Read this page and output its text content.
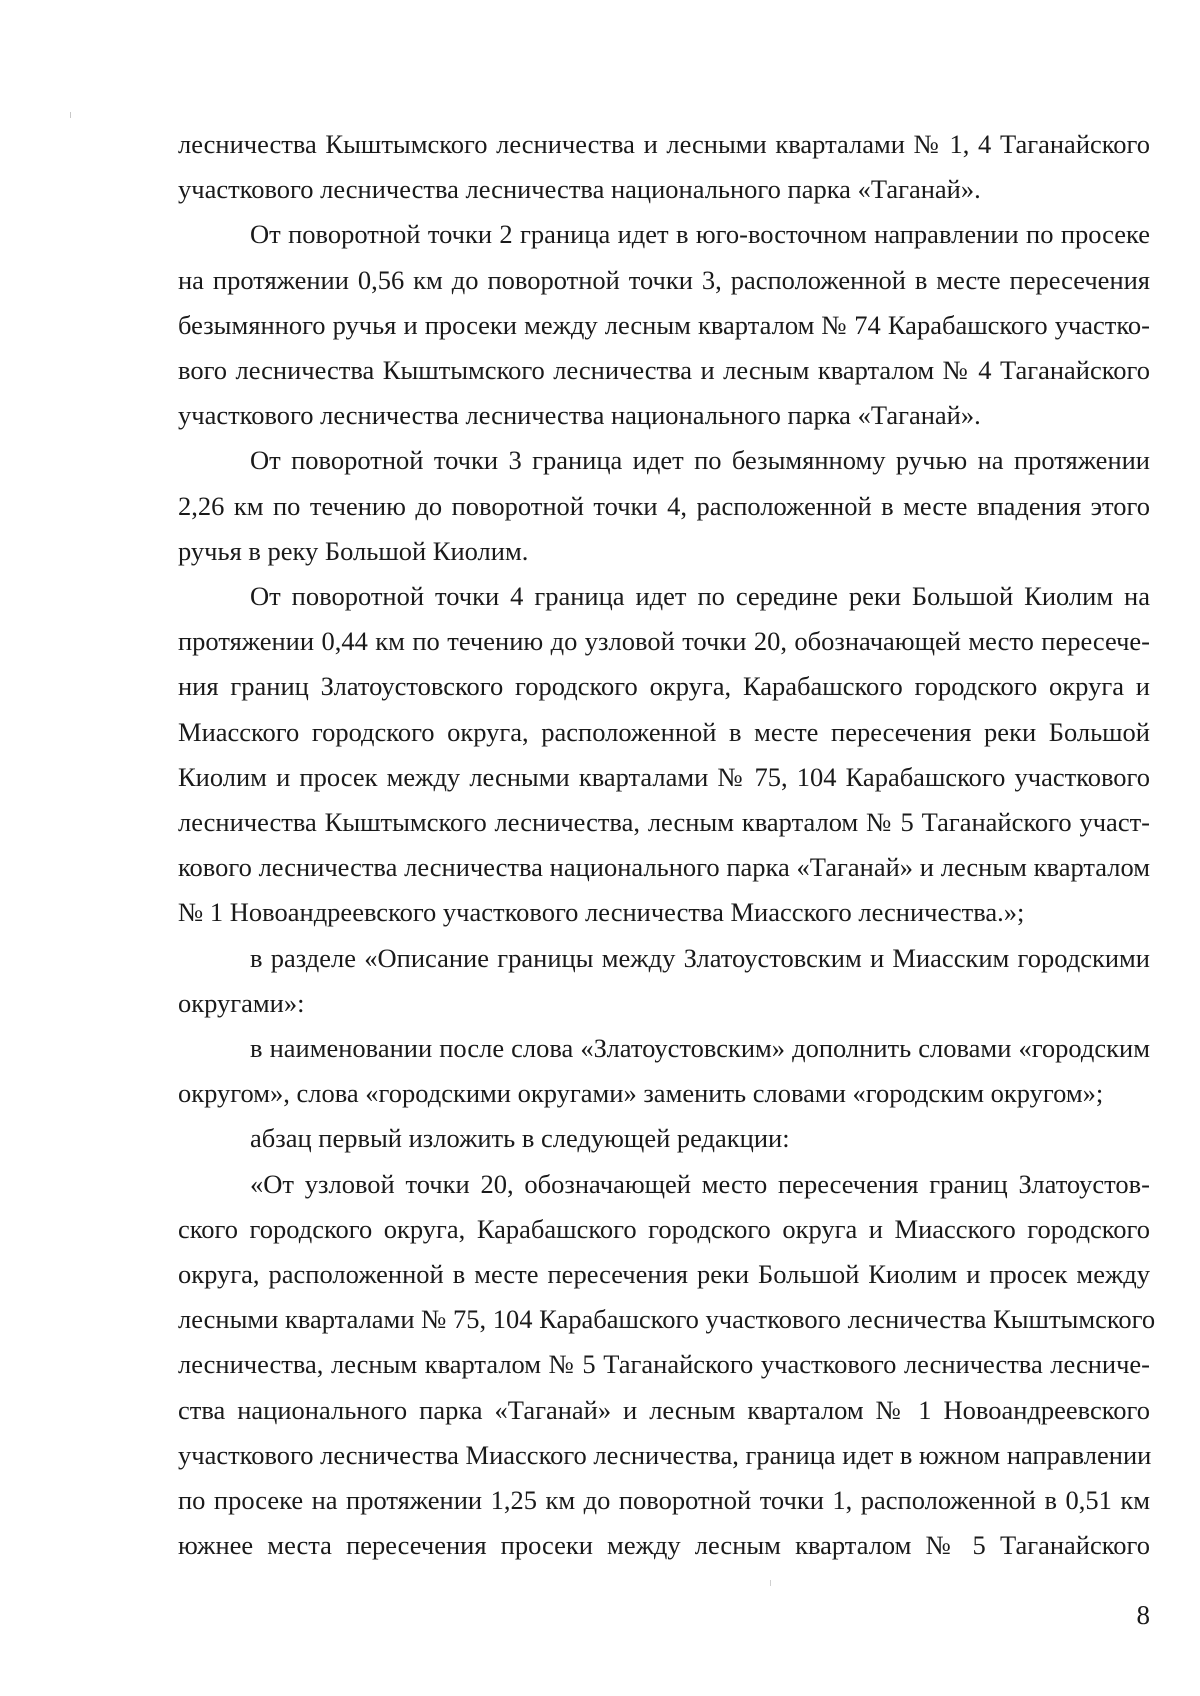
лесничества Кыштымского лесничества и лесными кварталами № 1, 4 Таганайского
участкового лесничества лесничества национального парка «Таганай».
От поворотной точки 2 граница идет в юго-восточном направлении по просеке
на протяжении 0,56 км до поворотной точки 3, расположенной в месте пересечения
безымянного ручья и просеки между лесным кварталом № 74 Карабашского участко-
вого лесничества Кыштымского лесничества и лесным кварталом № 4 Таганайского
участкового лесничества лесничества национального парка «Таганай».
От поворотной точки 3 граница идет по безымянному ручью на протяжении
2,26 км по течению до поворотной точки 4, расположенной в месте впадения этого
ручья в реку Большой Киолим.
От поворотной точки 4 граница идет по середине реки Большой Киолим на
протяжении 0,44 км по течению до узловой точки 20, обозначающей место пересече-
ния границ Златоустовского городского округа, Карабашского городского округа и
Миасского городского округа, расположенной в месте пересечения реки Большой
Киолим и просек между лесными кварталами № 75, 104 Карабашского участкового
лесничества Кыштымского лесничества, лесным кварталом № 5 Таганайского участ-
кового лесничества лесничества национального парка «Таганай» и лесным кварталом
№ 1 Новоандреевского участкового лесничества Миасского лесничества.»;
в разделе «Описание границы между Златоустовским и Миасским городскими
округами»:
в наименовании после слова «Златоустовским» дополнить словами «городским
округом», слова «городскими округами» заменить словами «городским округом»;
абзац первый изложить в следующей редакции:
«От узловой точки 20, обозначающей место пересечения границ Златоустов-
ского городского округа, Карабашского городского округа и Миасского городского
округа, расположенной в месте пересечения реки Большой Киолим и просек между
лесными кварталами № 75, 104 Карабашского участкового лесничества Кыштымского
лесничества, лесным кварталом № 5 Таганайского участкового лесничества лесниче-
ства национального парка «Таганай» и лесным кварталом № 1 Новоандреевского
участкового лесничества Миасского лесничества, граница идет в южном направлении
по просеке на протяжении 1,25 км до поворотной точки 1, расположенной в 0,51 км
южнее места пересечения просеки между лесным кварталом № 5 Таганайского
8
